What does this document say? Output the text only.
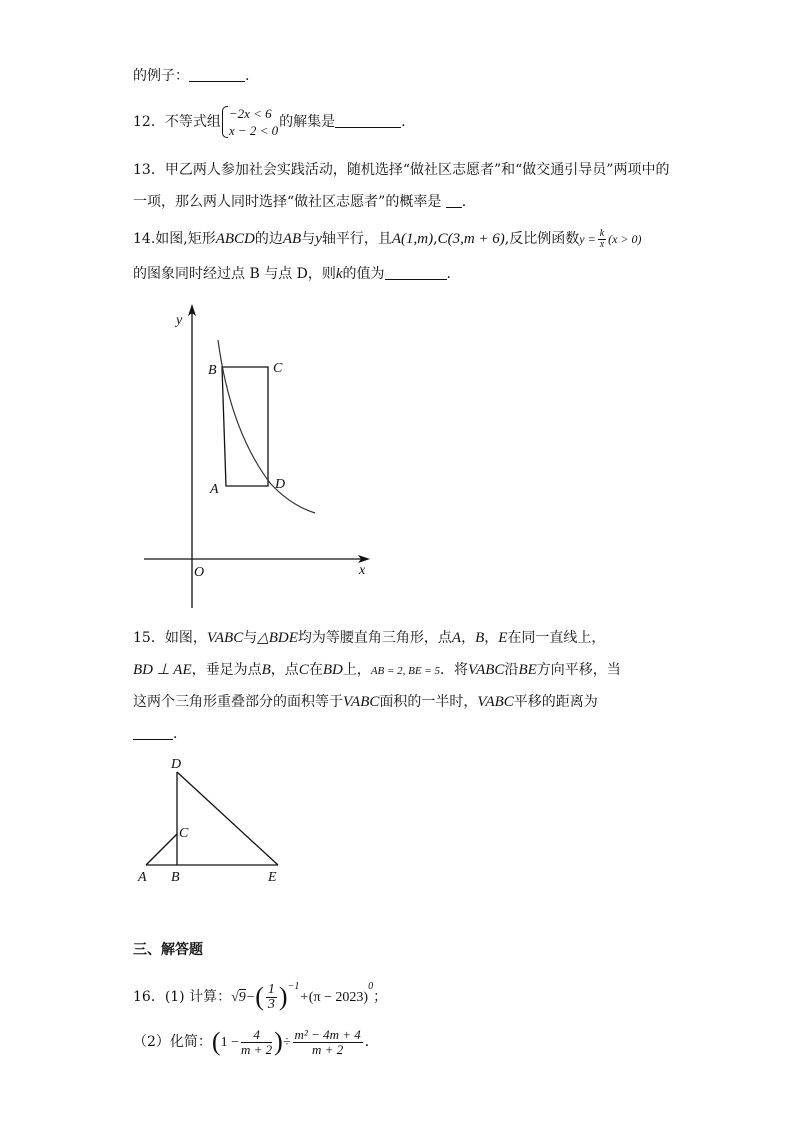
的例子：	.
12．不等式组
−2x < 6
x − 2 < 0
的解集是	.
13．甲乙两人参加社会实践活动，随机选择“做社区志愿者”和“做交通引导员”两项中的
一项，那么两人同时选择“做社区志愿者”的概率是 .
14.如图,矩形ABCD的边AB与y轴平行，且A(1,m),C(3,m + 6),反比例函数$y = \frac{k}{x} (x > 0)$
的图象同时经过点 B 与点 D，则k的值为	.
y
x
O
A
B	C
D
15．如图，VABC与△BDE均为等腰直角三角形，点A，B，E在同一直线上，
BD ⊥ AE，垂足为点B，点C在BD上，AB = 2, BE = 5．将VABC沿BE方向平移，当
这两个三角形重叠部分的面积等于VABC面积的一半时，VABC平移的距离为
.
D
C
A B	E
三、解答题
16．(1) 计算：$√9-( \frac{1}{3} )^{-1}+(\pi - 2023)^0$；
（2）化简：($1 - \frac{4}{m + 2}$ )÷ $\frac{\text{m² − 4m + 4}}{m + 2}$ .
